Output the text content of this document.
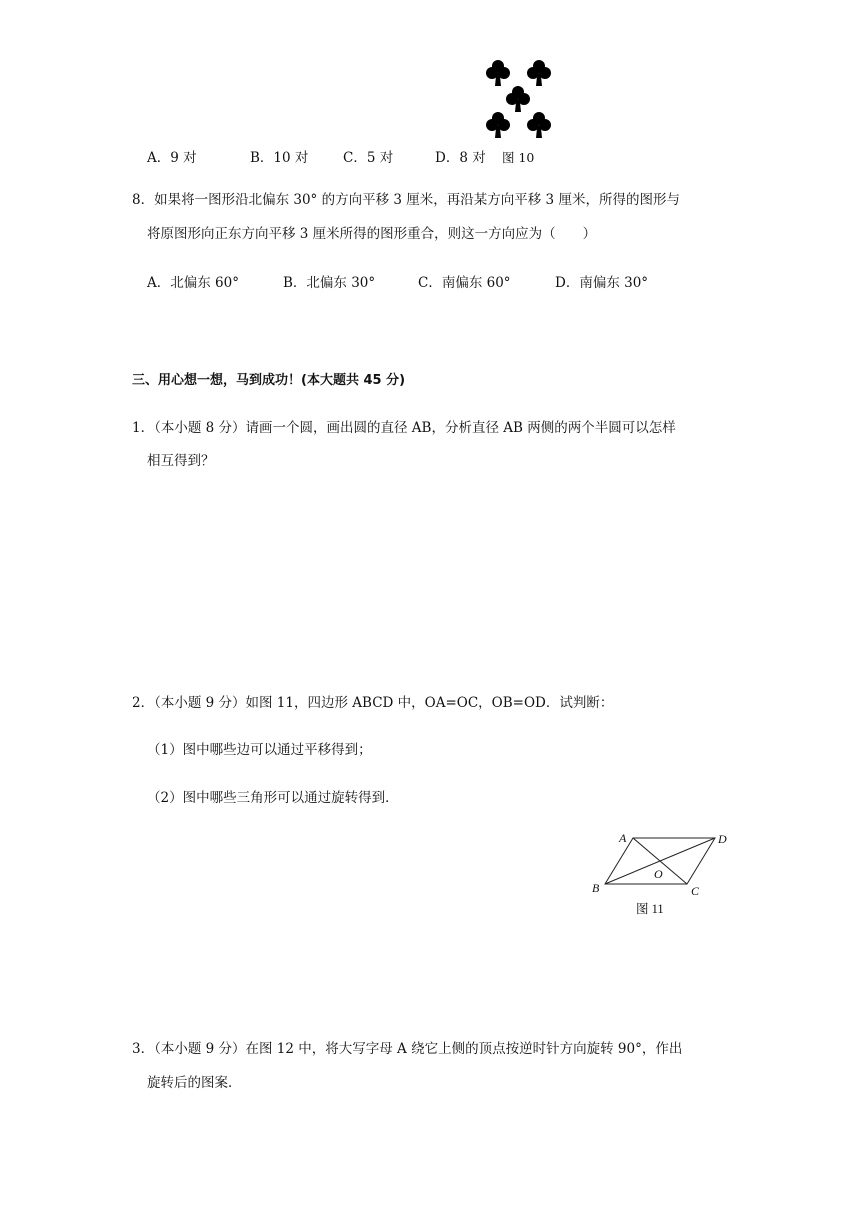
A．9 对	B．10 对	C．5 对	D．8 对 图 10
8．如果将一图形沿北偏东 30° 的方向平移 3 厘米，再沿某方向平移 3 厘米，所得的图形与
将原图形向正东方向平移 3 厘米所得的图形重合，则这一方向应为（　　）
A．北偏东 60°	B．北偏东 30°	C．南偏东 60°	D．南偏东 30°
三、用心想一想，马到成功！(本大题共 45 分)
1．（本小题 8 分）请画一个圆，画出圆的直径 AB，分析直径 AB 两侧的两个半圆可以怎样
相互得到？
2．（本小题 9 分）如图 11，四边形 ABCD 中，OA=OC，OB=OD．试判断：
（1）图中哪些边可以通过平移得到；
（2）图中哪些三角形可以通过旋转得到．
A	D
B	C
O
图 11
3．（本小题 9 分）在图 12 中，将大写字母 A 绕它上侧的顶点按逆时针方向旋转 90°，作出
旋转后的图案．
